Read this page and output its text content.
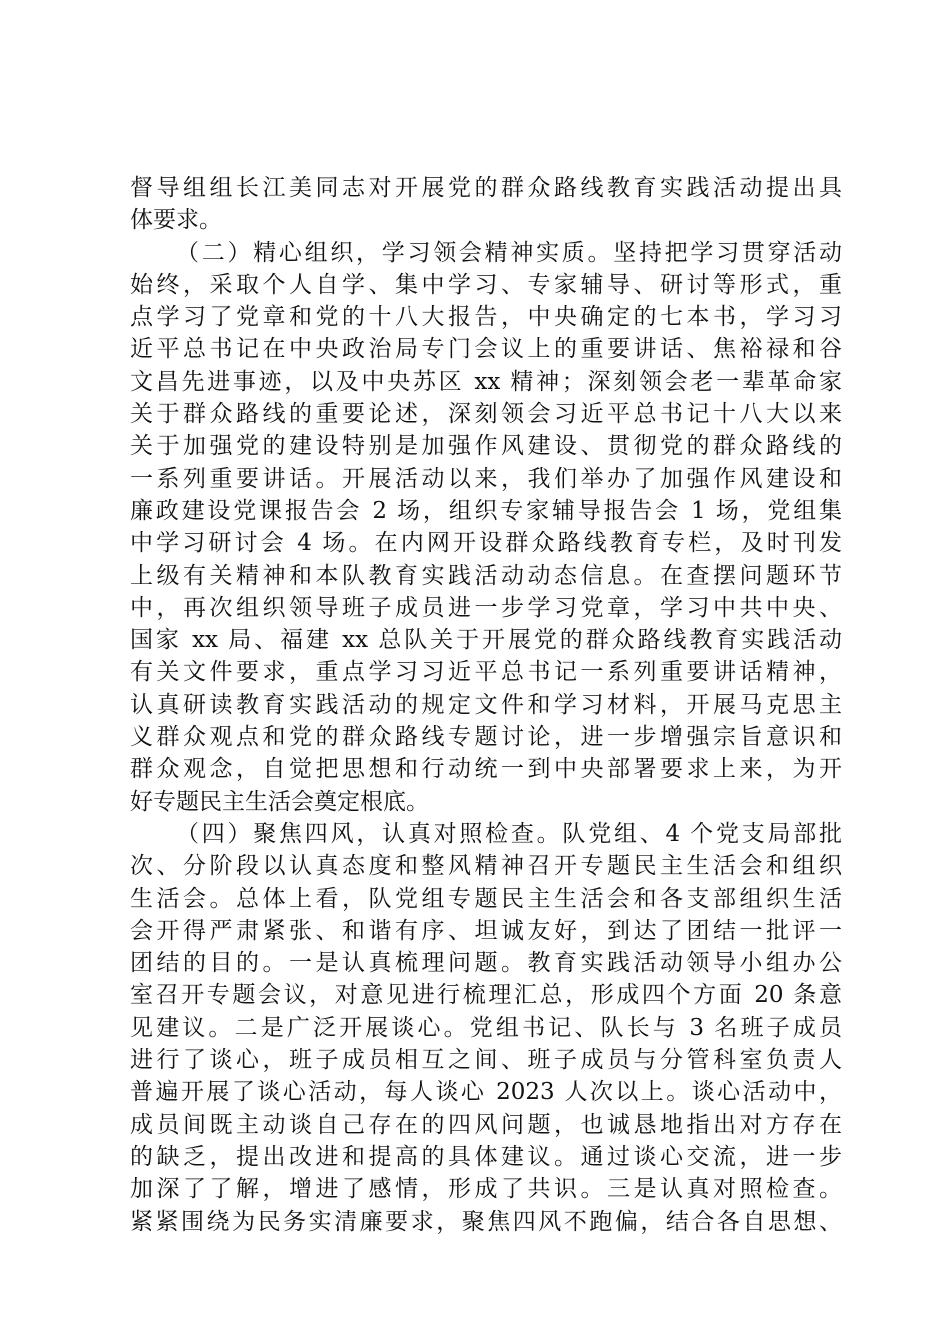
督导组组长江美同志对开展党的群众路线教育实践活动提出具
体要求。
（二）精心组织，学习领会精神实质。坚持把学习贯穿活动
始终，采取个人自学、集中学习、专家辅导、研讨等形式，重
点学习了党章和党的十八大报告，中央确定的七本书，学习习
近平总书记在中央政治局专门会议上的重要讲话、焦裕禄和谷
文昌先进事迹，以及中央苏区 xx 精神；深刻领会老一辈革命家
关于群众路线的重要论述，深刻领会习近平总书记十八大以来
关于加强党的建设特别是加强作风建设、贯彻党的群众路线的
一系列重要讲话。开展活动以来，我们举办了加强作风建设和
廉政建设党课报告会 2 场，组织专家辅导报告会 1 场，党组集
中学习研讨会 4 场。在内网开设群众路线教育专栏，及时刊发
上级有关精神和本队教育实践活动动态信息。在查摆问题环节
中，再次组织领导班子成员进一步学习党章，学习中共中央、
国家 xx 局、福建 xx 总队关于开展党的群众路线教育实践活动
有关文件要求，重点学习习近平总书记一系列重要讲话精神，
认真研读教育实践活动的规定文件和学习材料，开展马克思主
义群众观点和党的群众路线专题讨论，进一步增强宗旨意识和
群众观念，自觉把思想和行动统一到中央部署要求上来，为开
好专题民主生活会奠定根底。
（四）聚焦四风，认真对照检查。队党组、4 个党支局部批
次、分阶段以认真态度和整风精神召开专题民主生活会和组织
生活会。总体上看，队党组专题民主生活会和各支部组织生活
会开得严肃紧张、和谐有序、坦诚友好，到达了团结一批评一
团结的目的。一是认真梳理问题。教育实践活动领导小组办公
室召开专题会议，对意见进行梳理汇总，形成四个方面 20 条意
见建议。二是广泛开展谈心。党组书记、队长与 3 名班子成员
进行了谈心，班子成员相互之间、班子成员与分管科室负责人
普遍开展了谈心活动，每人谈心 2023 人次以上。谈心活动中，
成员间既主动谈自己存在的四风问题，也诚恳地指出对方存在
的缺乏，提出改进和提高的具体建议。通过谈心交流，进一步
加深了了解，增进了感情，形成了共识。三是认真对照检查。
紧紧围绕为民务实清廉要求，聚焦四风不跑偏，结合各自思想、
